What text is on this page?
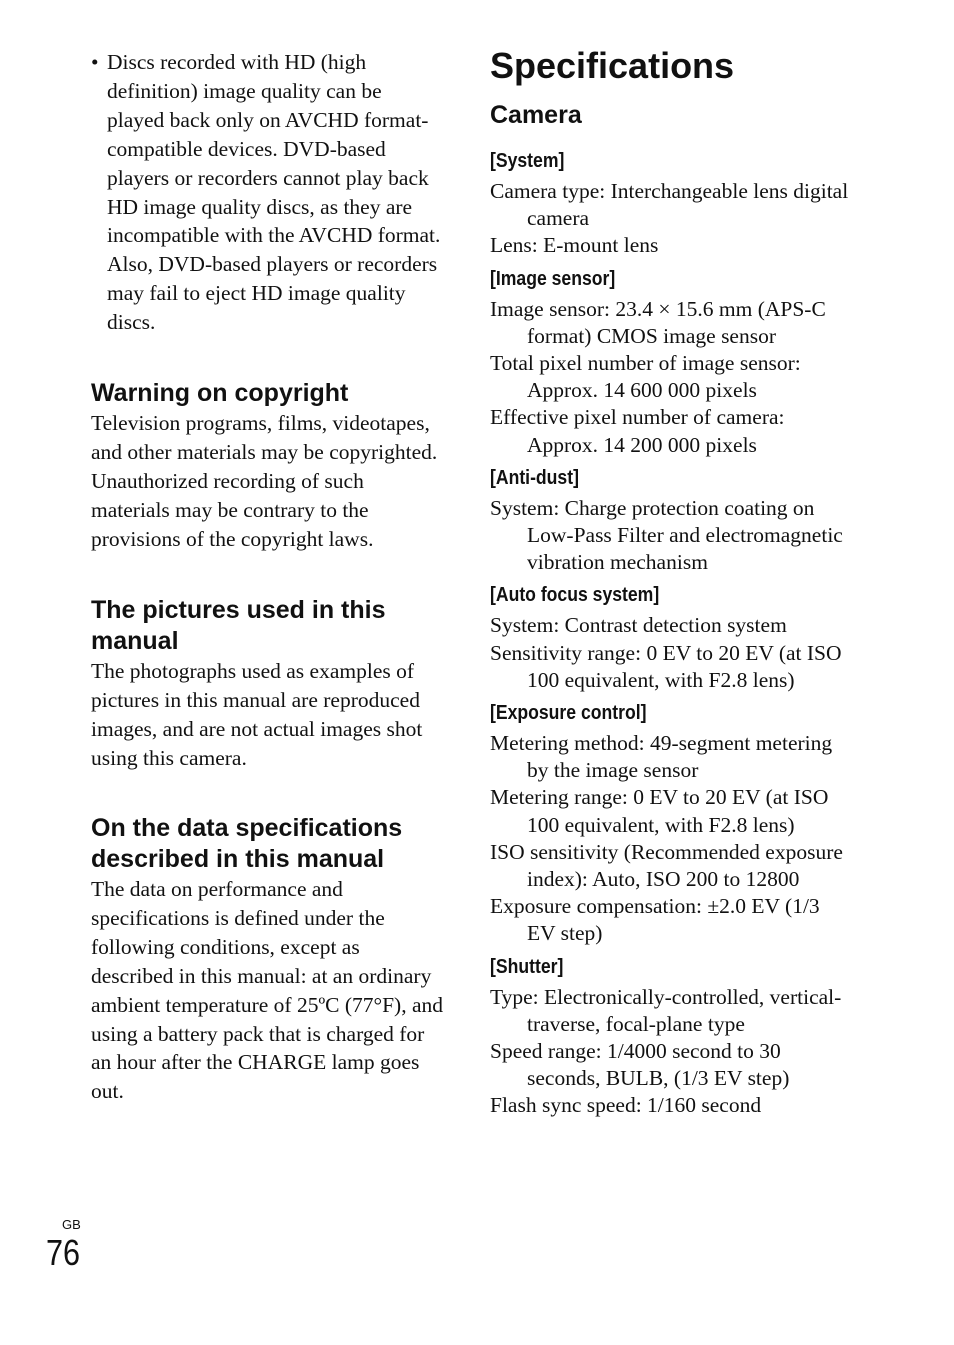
• Discs recorded with HD (high definition) image quality can be played back only on AVCHD format-compatible devices. DVD-based players or recorders cannot play back HD image quality discs, as they are incompatible with the AVCHD format. Also, DVD-based players or recorders may fail to eject HD image quality discs.
Warning on copyright
Television programs, films, videotapes, and other materials may be copyrighted. Unauthorized recording of such materials may be contrary to the provisions of the copyright laws.
The pictures used in this manual
The photographs used as examples of pictures in this manual are reproduced images, and are not actual images shot using this camera.
On the data specifications described in this manual
The data on performance and specifications is defined under the following conditions, except as described in this manual: at an ordinary ambient temperature of 25ºC (77°F), and using a battery pack that is charged for an hour after the CHARGE lamp goes out.
Specifications
Camera
[System]
Camera type: Interchangeable lens digital camera
Lens: E-mount lens
[Image sensor]
Image sensor: 23.4 × 15.6 mm (APS-C format) CMOS image sensor
Total pixel number of image sensor: Approx. 14 600 000 pixels
Effective pixel number of camera: Approx. 14 200 000 pixels
[Anti-dust]
System: Charge protection coating on Low-Pass Filter and electromagnetic vibration mechanism
[Auto focus system]
System: Contrast detection system
Sensitivity range: 0 EV to 20 EV (at ISO 100 equivalent, with F2.8 lens)
[Exposure control]
Metering method: 49-segment metering by the image sensor
Metering range: 0 EV to 20 EV (at ISO 100 equivalent, with F2.8 lens)
ISO sensitivity (Recommended exposure index): Auto, ISO 200 to 12800
Exposure compensation: ±2.0 EV (1/3 EV step)
[Shutter]
Type: Electronically-controlled, vertical-traverse, focal-plane type
Speed range: 1/4000 second to 30 seconds, BULB, (1/3 EV step)
Flash sync speed: 1/160 second
GB
76
